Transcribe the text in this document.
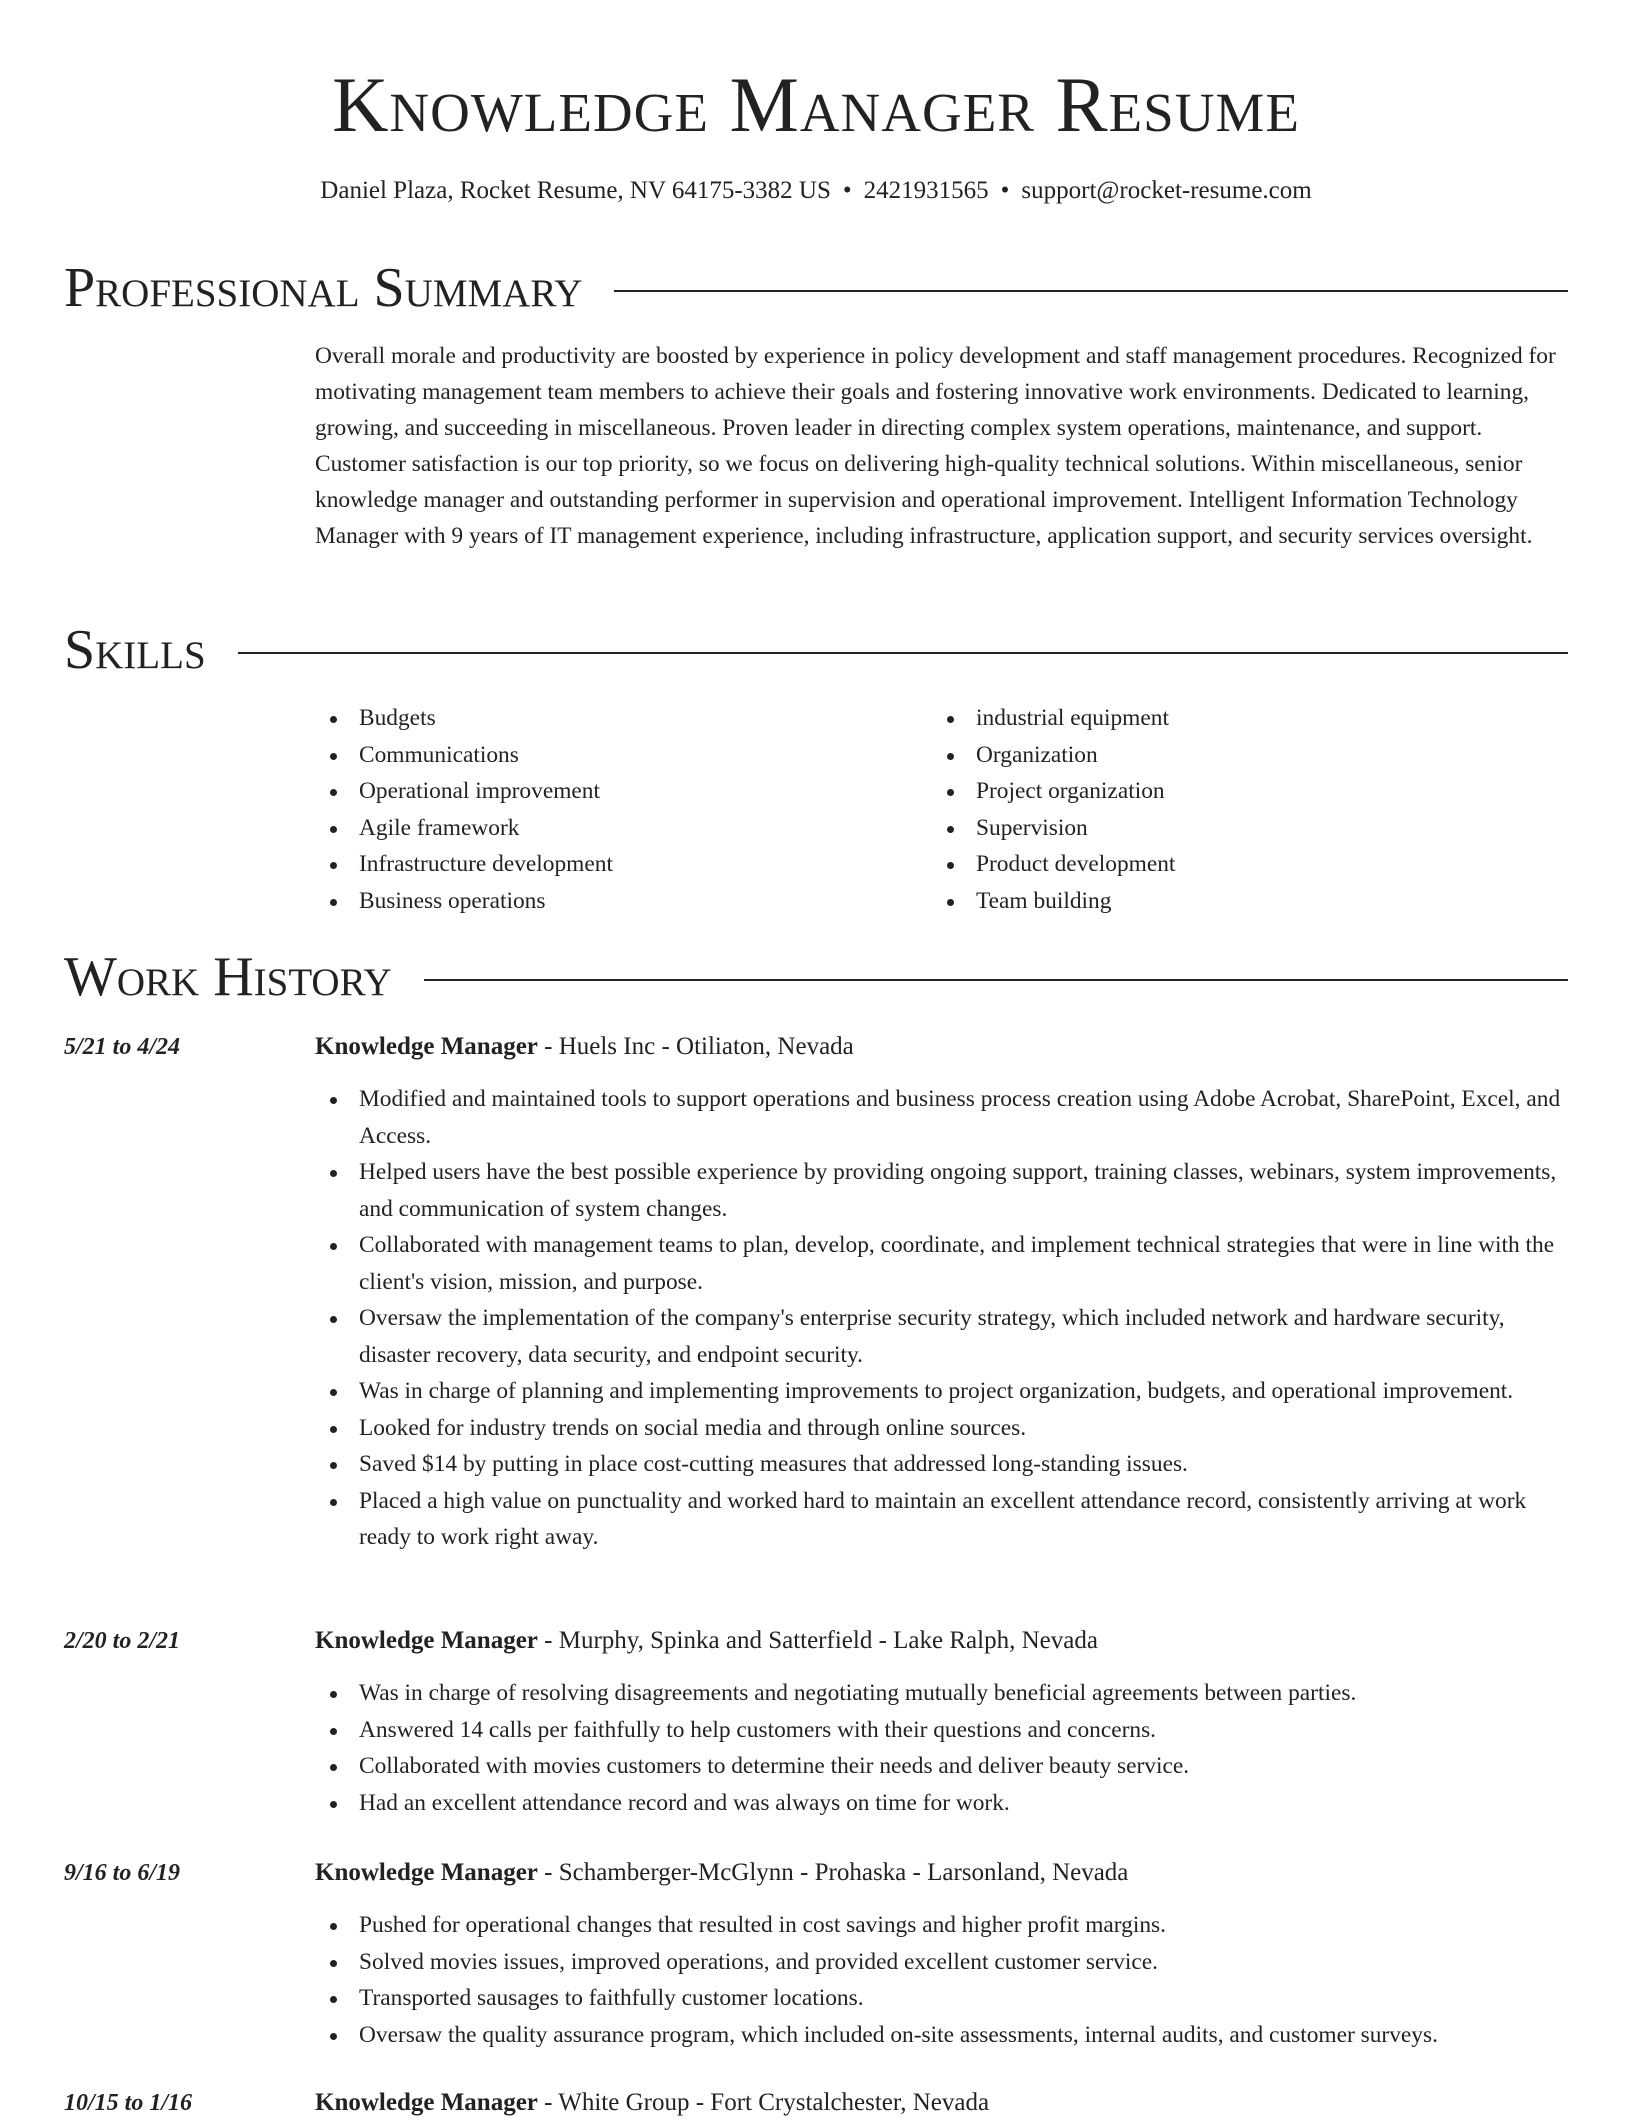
Knowledge Manager Resume
Daniel Plaza, Rocket Resume, NV 64175-3382 US • 2421931565 • support@rocket-resume.com
Professional Summary
Overall morale and productivity are boosted by experience in policy development and staff management procedures. Recognized for motivating management team members to achieve their goals and fostering innovative work environments. Dedicated to learning, growing, and succeeding in miscellaneous. Proven leader in directing complex system operations, maintenance, and support. Customer satisfaction is our top priority, so we focus on delivering high-quality technical solutions. Within miscellaneous, senior knowledge manager and outstanding performer in supervision and operational improvement. Intelligent Information Technology Manager with 9 years of IT management experience, including infrastructure, application support, and security services oversight.
Skills
Budgets
Communications
Operational improvement
Agile framework
Infrastructure development
Business operations
industrial equipment
Organization
Project organization
Supervision
Product development
Team building
Work History
5/21 to 4/24	Knowledge Manager - Huels Inc - Otiliaton, Nevada
Modified and maintained tools to support operations and business process creation using Adobe Acrobat, SharePoint, Excel, and Access.
Helped users have the best possible experience by providing ongoing support, training classes, webinars, system improvements, and communication of system changes.
Collaborated with management teams to plan, develop, coordinate, and implement technical strategies that were in line with the client's vision, mission, and purpose.
Oversaw the implementation of the company's enterprise security strategy, which included network and hardware security, disaster recovery, data security, and endpoint security.
Was in charge of planning and implementing improvements to project organization, budgets, and operational improvement.
Looked for industry trends on social media and through online sources.
Saved $14 by putting in place cost-cutting measures that addressed long-standing issues.
Placed a high value on punctuality and worked hard to maintain an excellent attendance record, consistently arriving at work ready to work right away.
2/20 to 2/21	Knowledge Manager - Murphy, Spinka and Satterfield - Lake Ralph, Nevada
Was in charge of resolving disagreements and negotiating mutually beneficial agreements between parties.
Answered 14 calls per faithfully to help customers with their questions and concerns.
Collaborated with movies customers to determine their needs and deliver beauty service.
Had an excellent attendance record and was always on time for work.
9/16 to 6/19	Knowledge Manager - Schamberger-McGlynn - Prohaska - Larsonland, Nevada
Pushed for operational changes that resulted in cost savings and higher profit margins.
Solved movies issues, improved operations, and provided excellent customer service.
Transported sausages to faithfully customer locations.
Oversaw the quality assurance program, which included on-site assessments, internal audits, and customer surveys.
10/15 to 1/16	Knowledge Manager - White Group - Fort Crystalchester, Nevada
